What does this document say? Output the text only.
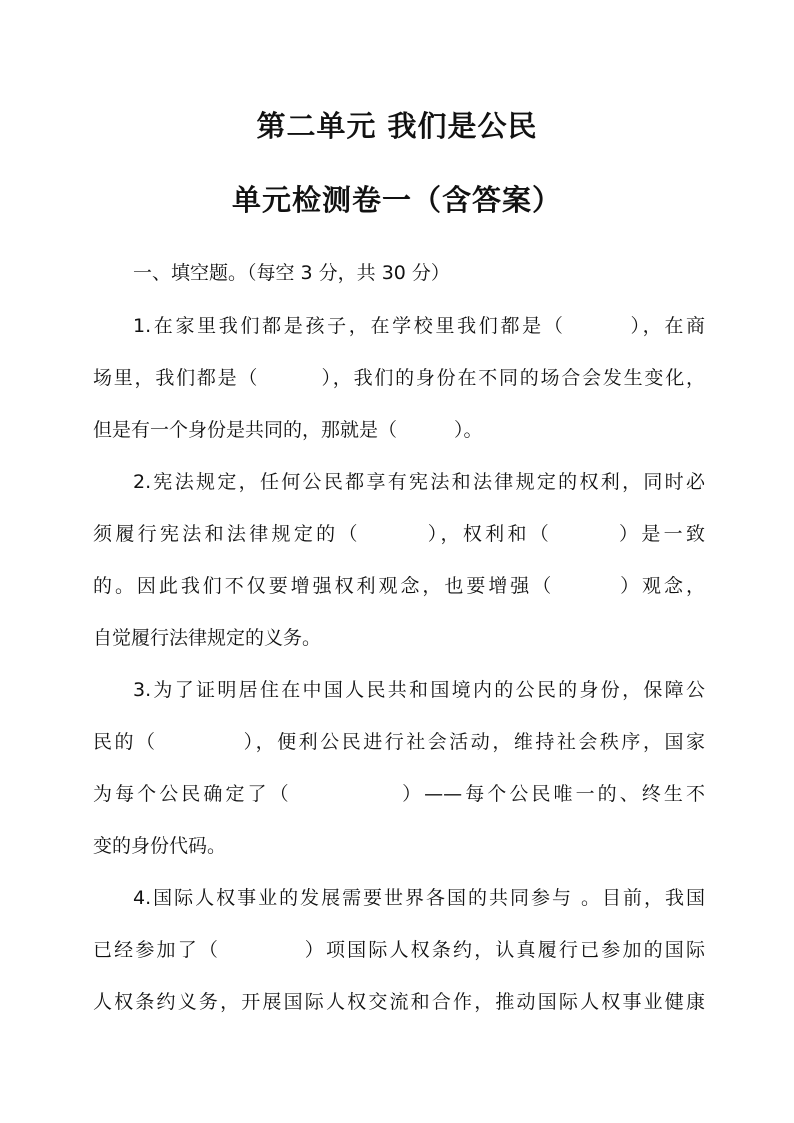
第二单元 我们是公民
单元检测卷一（含答案）
一、填空题。（每空 3 分，共 30 分）
1.在家里我们都是孩子，在学校里我们都是（　　　），在商
场里，我们都是（　　　），我们的身份在不同的场合会发生变化，
但是有一个身份是共同的，那就是（　　　）。
2.宪法规定，任何公民都享有宪法和法律规定的权利，同时必
须履行宪法和法律规定的（　　　），权利和（　　　）是一致
的。因此我们不仅要增强权利观念，也要增强（　　　）观念，
自觉履行法律规定的义务。
3.为了证明居住在中国人民共和国境内的公民的身份，保障公
民的（　　　　），便利公民进行社会活动，维持社会秩序，国家
为每个公民确定了（　　　　　）——每个公民唯一的、终生不
变的身份代码。
4.国际人权事业的发展需要世界各国的共同参与 。目前，我国
已经参加了（　　　　）项国际人权条约，认真履行已参加的国际
人权条约义务，开展国际人权交流和合作，推动国际人权事业健康
